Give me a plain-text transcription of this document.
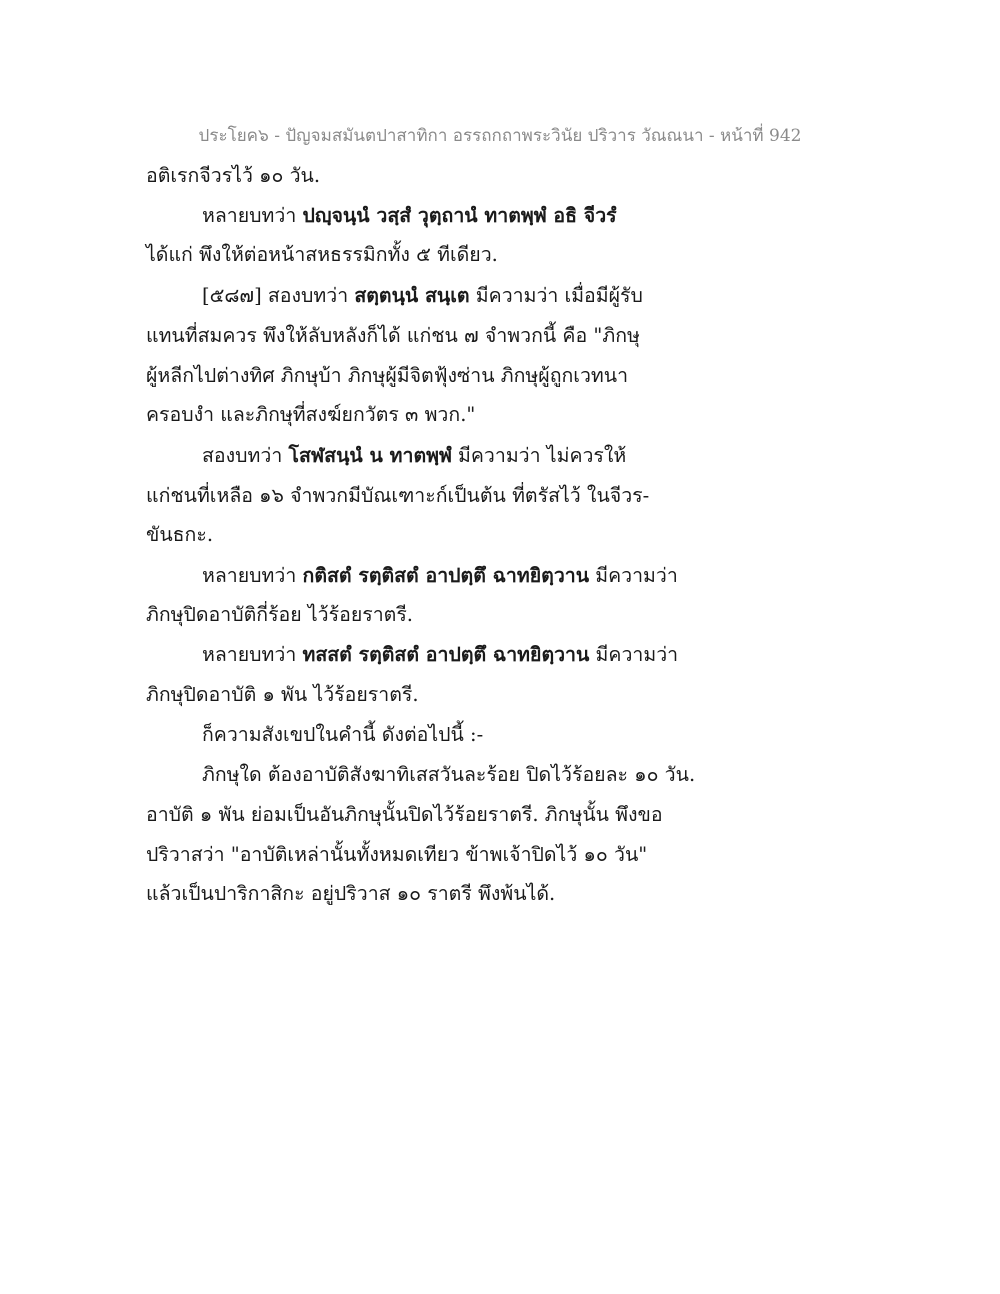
ประโยค๖ - ปัญจมสมันตปาสาทิกา อรรถกถาพระวินัย ปริวาร วัณณนา - หน้าที่ 942
อติเรกจีวรไว้ ๑๐ วัน.
หลายบทว่า ปญฺจนฺนํ วสฺสํ วุตฺถานํ ทาตพฺพํ อธิ จีวรํ
ได้แก่ พึงให้ต่อหน้าสหธรรมิกทั้ง ๕ ทีเดียว.
[๕๘๗] สองบทว่า สตฺตนฺนํ สนฺเต มีความว่า เมื่อมีผู้รับ
แทนที่สมควร พึงให้ลับหลังก็ได้ แก่ชน ๗ จำพวกนี้ คือ "ภิกษุ
ผู้หลีกไปต่างทิศ ภิกษุบ้า ภิกษุผู้มีจิตฟุ้งซ่าน ภิกษุผู้ถูกเวทนา
ครอบงำ และภิกษุที่สงฆ์ยกวัตร ๓ พวก."
สองบทว่า โสฬสนฺนํ น ทาตพฺพํ มีความว่า ไม่ควรให้
แก่ชนที่เหลือ ๑๖ จำพวกมีบัณเฑาะก์เป็นต้น ที่ตรัสไว้ ในจีวร-
ขันธกะ.
หลายบทว่า กติสตํ รตฺติสตํ อาปตฺตึ ฉาทยิตฺวาน มีความว่า
ภิกษุปิดอาบัติกี่ร้อย ไว้ร้อยราตรี.
หลายบทว่า ทสสตํ รตฺติสตํ อาปตฺตึ ฉาทยิตฺวาน มีความว่า
ภิกษุปิดอาบัติ ๑ พัน ไว้ร้อยราตรี.
ก็ความสังเขปในคำนี้ ดังต่อไปนี้ :-
ภิกษุใด ต้องอาบัติสังฆาทิเสสวันละร้อย ปิดไว้ร้อยละ ๑๐ วัน.
อาบัติ ๑ พัน ย่อมเป็นอันภิกษุนั้นปิดไว้ร้อยราตรี. ภิกษุนั้น พึงขอ
ปริวาสว่า "อาบัติเหล่านั้นทั้งหมดเทียว ข้าพเจ้าปิดไว้ ๑๐ วัน"
แล้วเป็นปาริกาสิกะ อยู่ปริวาส ๑๐ ราตรี พึงพ้นได้.
